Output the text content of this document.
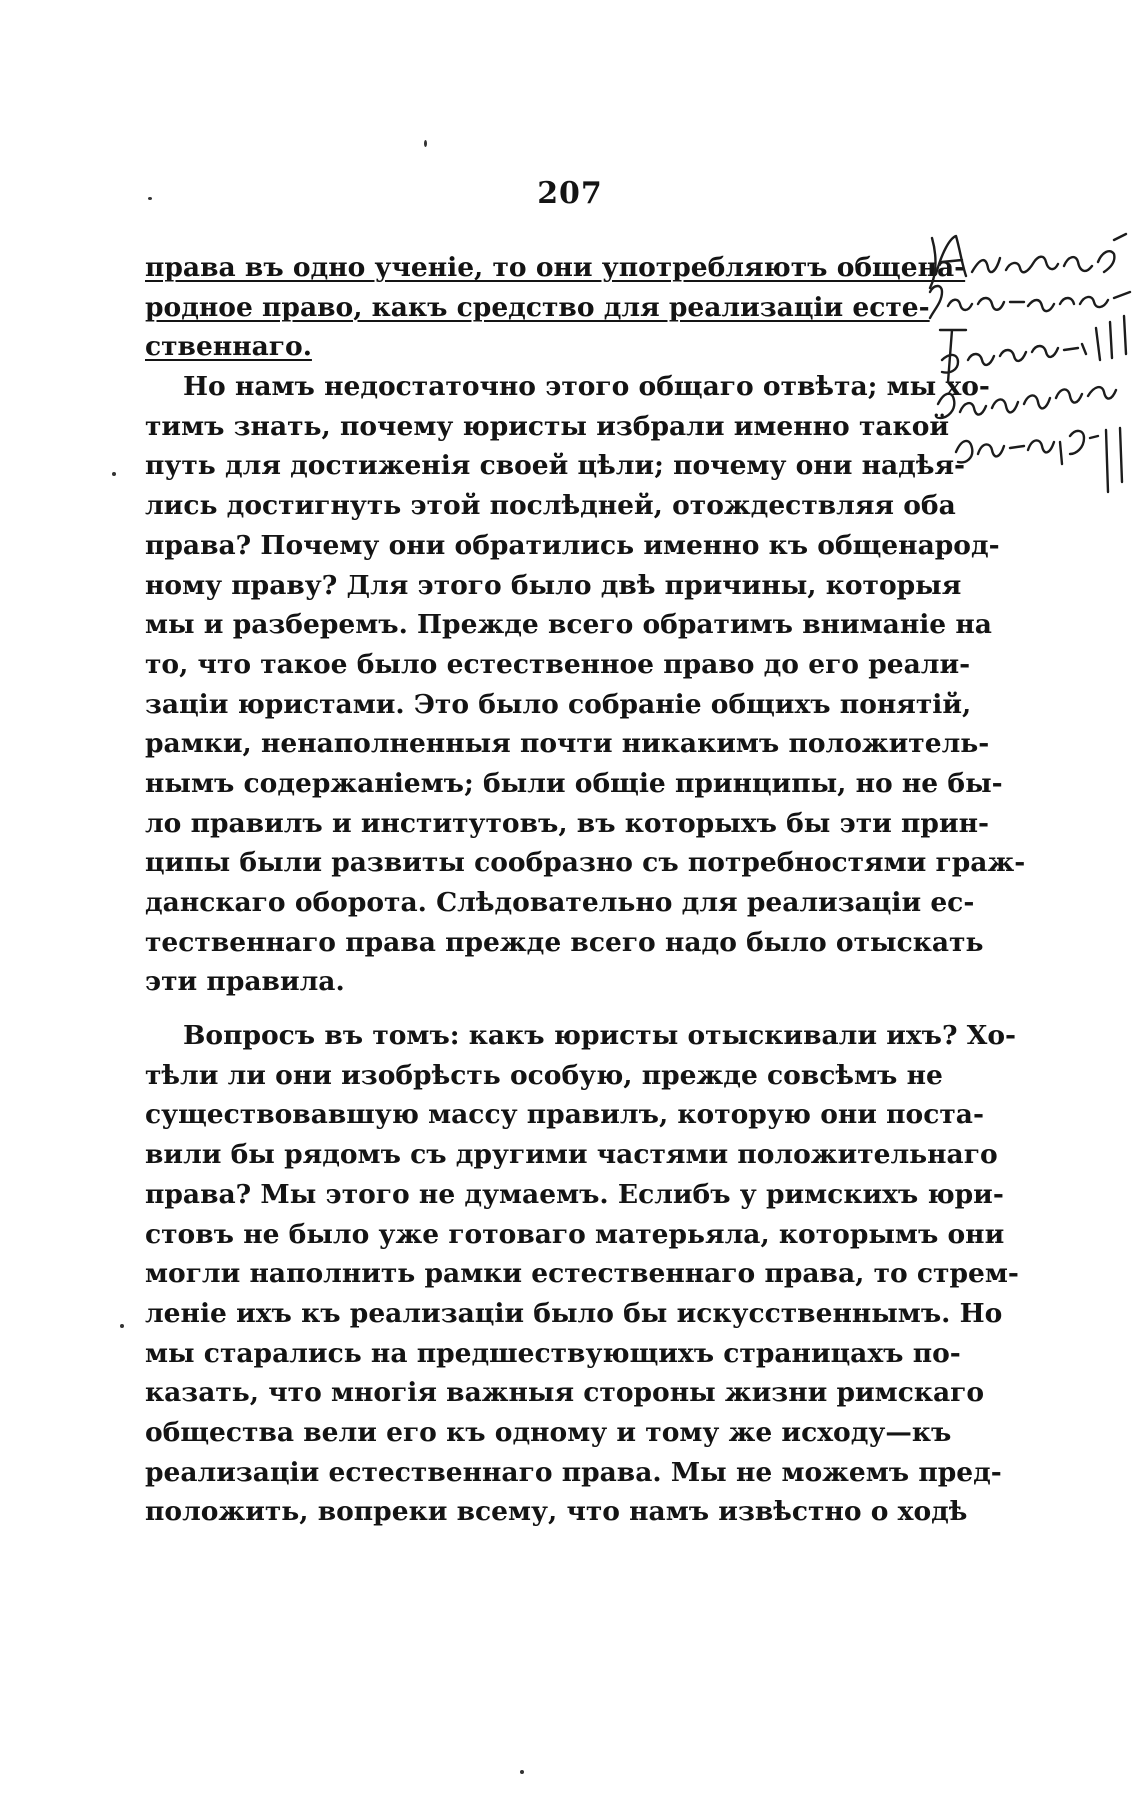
207
права въ одно ученіе, то они употребляютъ общена-
родное право, какъ средство для реализаціи есте-
ственнаго.
Но намъ недостаточно этого общаго отвѣта; мы хо-
тимъ знать, почему юристы избрали именно такой
путь для достиженія своей цѣли; почему они надѣя-
лись достигнуть этой послѣдней, отождествляя оба
права? Почему они обратились именно къ общенарод-
ному праву? Для этого было двѣ причины, которыя
мы и разберемъ. Прежде всего обратимъ вниманіе на
то, что такое было естественное право до его реали-
заціи юристами. Это было собраніе общихъ понятій,
рамки, ненаполненныя почти никакимъ положитель-
нымъ содержаніемъ; были общіе принципы, но не бы-
ло правилъ и институтовъ, въ которыхъ бы эти прин-
ципы были развиты сообразно съ потребностями граж-
данскаго оборота. Слѣдовательно для реализаціи ес-
тественнаго права прежде всего надо было отыскать
эти правила.
Вопросъ въ томъ: какъ юристы отыскивали ихъ? Хо-
тѣли ли они изобрѣсть особую, прежде совсѣмъ не
существовавшую массу правилъ, которую они поста-
вили бы рядомъ съ другими частями положительнаго
права? Мы этого не думаемъ. Еслибъ у римскихъ юри-
стовъ не было уже готоваго матерьяла, которымъ они
могли наполнить рамки естественнаго права, то стрем-
леніе ихъ къ реализаціи было бы искусственнымъ. Но
мы старались на предшествующихъ страницахъ по-
казать, что многія важныя стороны жизни римскаго
общества вели его къ одному и тому же исходу—къ
реализаціи естественнаго права. Мы не можемъ пред-
положить, вопреки всему, что намъ извѣстно о ходѣ
